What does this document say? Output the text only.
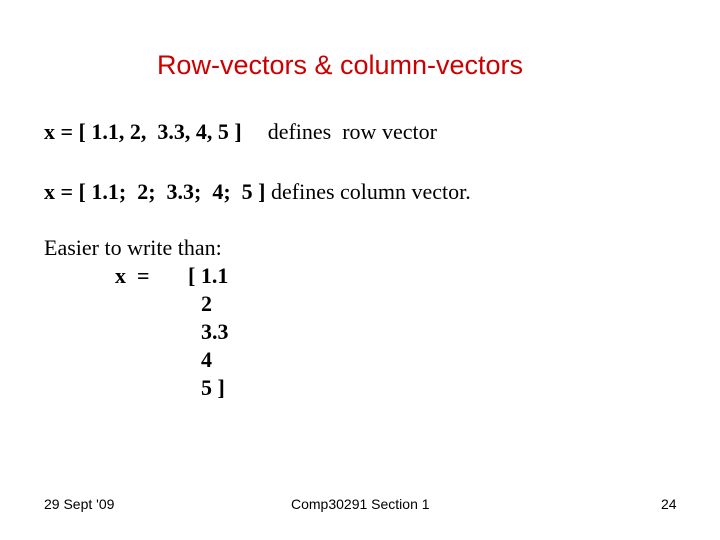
Row-vectors & column-vectors
x = [ 1.1, 2,  3.3, 4, 5 ] defines  row vector
x = [ 1.1;  2;  3.3;  4;  5 ] defines column vector.
Easier to write than:
x  = [ 1.1
2
3.3
4
5 ]
29 Sept '09	Comp30291 Section 1	24
